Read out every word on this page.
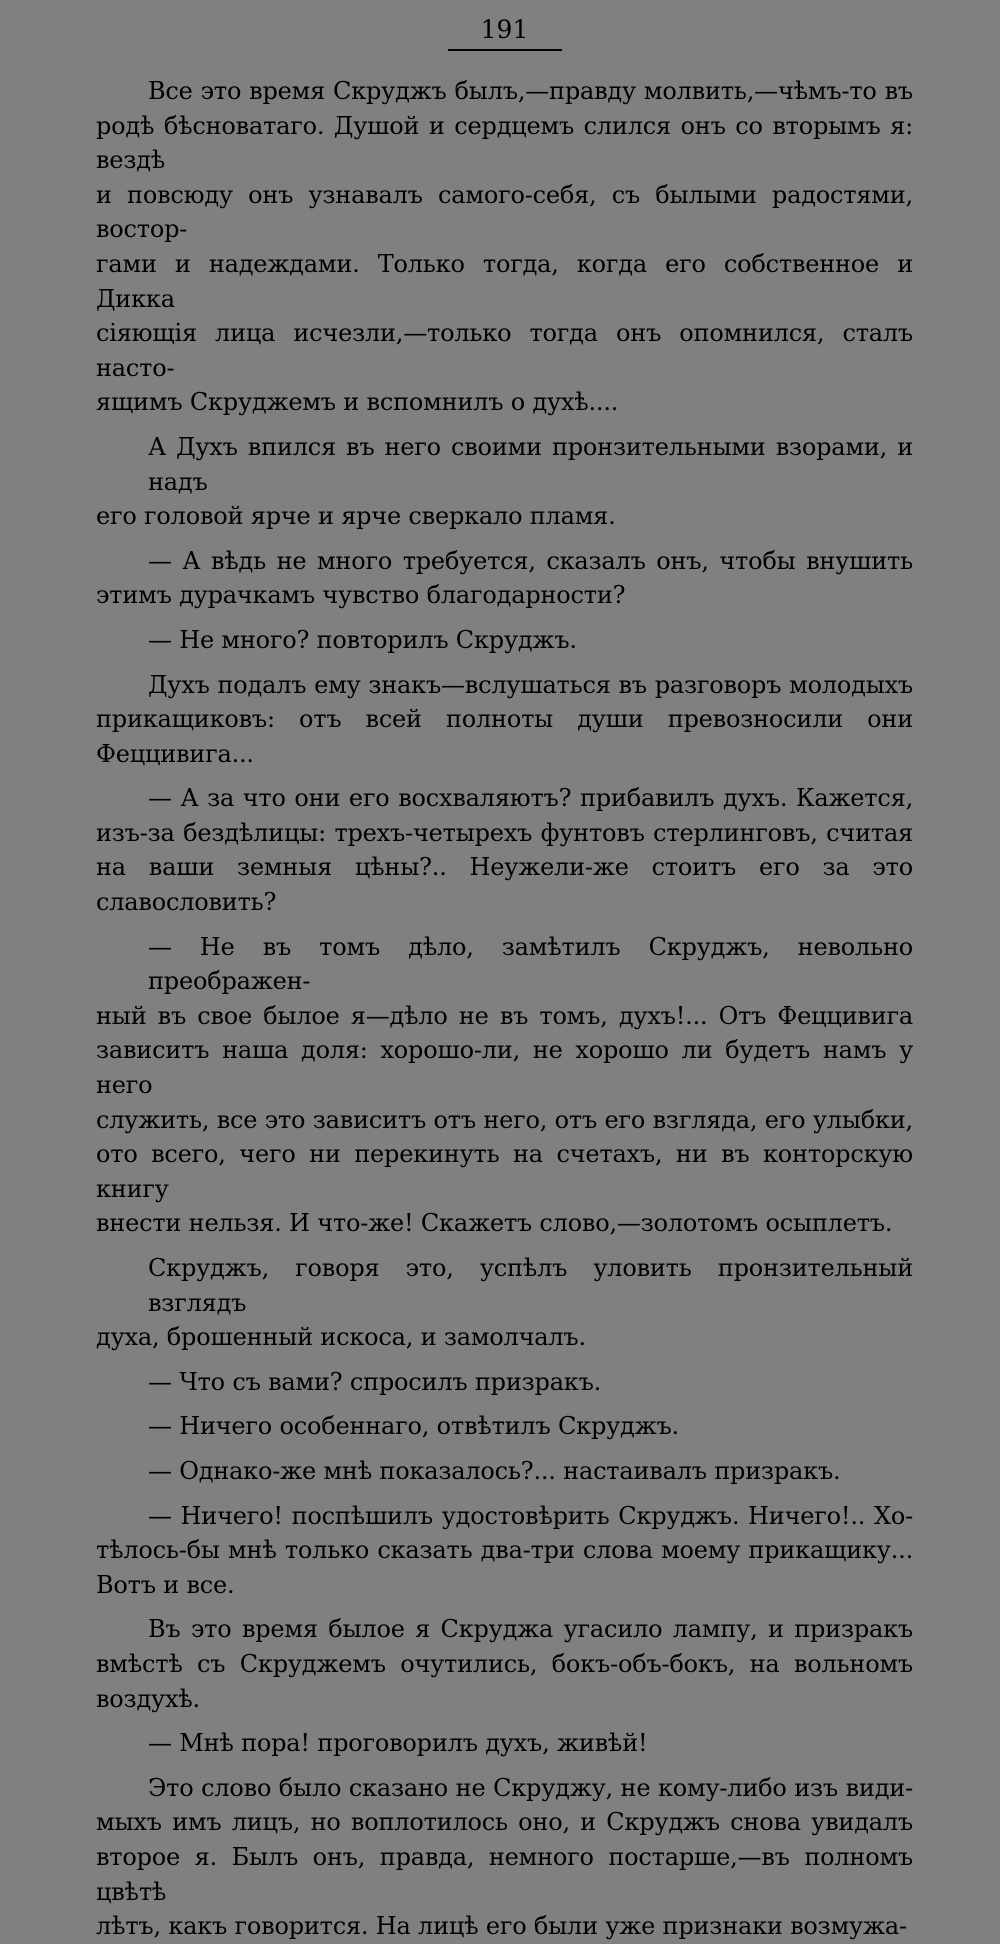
191

Все это время Скруджъ былъ,—правду молвить,—чѣмъ-то въ
родѣ бѣсноватаго. Душой и сердцемъ слился онъ со вторымъ я: вездѣ
и повсюду онъ узнавалъ самого-себя, съ былыми радостями, востор-
гами и надеждами. Только тогда, когда его собственное и Дикка
сіяющія лица исчезли,—только тогда онъ опомнился, сталъ насто-
ящимъ Скруджемъ и вспомнилъ о духѣ....

А Духъ впился въ него своими пронзительными взорами, и надъ
его головой ярче и ярче сверкало пламя.

— А вѣдь не много требуется, сказалъ онъ, чтобы внушить
этимъ дурачкамъ чувство благодарности?

— Не много? повторилъ Скруджъ.

Духъ подалъ ему знакъ—вслушаться въ разговоръ молодыхъ
прикащиковъ: отъ всей полноты души превозносили они Феццивига...

— А за что они его восхваляютъ? прибавилъ духъ. Кажется,
изъ-за бездѣлицы: трехъ-четырехъ фунтовъ стерлинговъ, считая
на ваши земныя цѣны?.. Неужели-же стоитъ его за это славословить?

— Не въ томъ дѣло, замѣтилъ Скруджъ, невольно преображен-
ный въ свое былое я—дѣло не въ томъ, духъ!... Отъ Феццивига
зависитъ наша доля: хорошо-ли, не хорошо ли будетъ намъ у него
служить, все это зависитъ отъ него, отъ его взгляда, его улыбки,
ото всего, чего ни перекинуть на счетахъ, ни въ конторскую книгу
внести нельзя. И что-же! Скажетъ слово,—золотомъ осыплетъ.

Скруджъ, говоря это, успѣлъ уловить пронзительный взглядъ
духа, брошенный искоса, и замолчалъ.

— Что съ вами? спросилъ призракъ.

— Ничего особеннаго, отвѣтилъ Скруджъ.

— Однако-же мнѣ показалось?... настаивалъ призракъ.

— Ничего! поспѣшилъ удостовѣрить Скруджъ. Ничего!.. Хо-
тѣлось-бы мнѣ только сказать два-три слова моему прикащику...
Вотъ и все.

Въ это время былое я Скруджа угасило лампу, и призракъ
вмѣстѣ съ Скруджемъ очутились, бокъ-объ-бокъ, на вольномъ воздухѣ.

— Мнѣ пора! проговорилъ духъ, живѣй!

Это слово было сказано не Скруджу, не кому-либо изъ види-
мыхъ имъ лицъ, но воплотилось оно, и Скруджъ снова увидалъ
второе я. Былъ онъ, правда, немного постарше,—въ полномъ цвѣтѣ
лѣтъ, какъ говорится. На лицѣ его были уже признаки возмужа-
